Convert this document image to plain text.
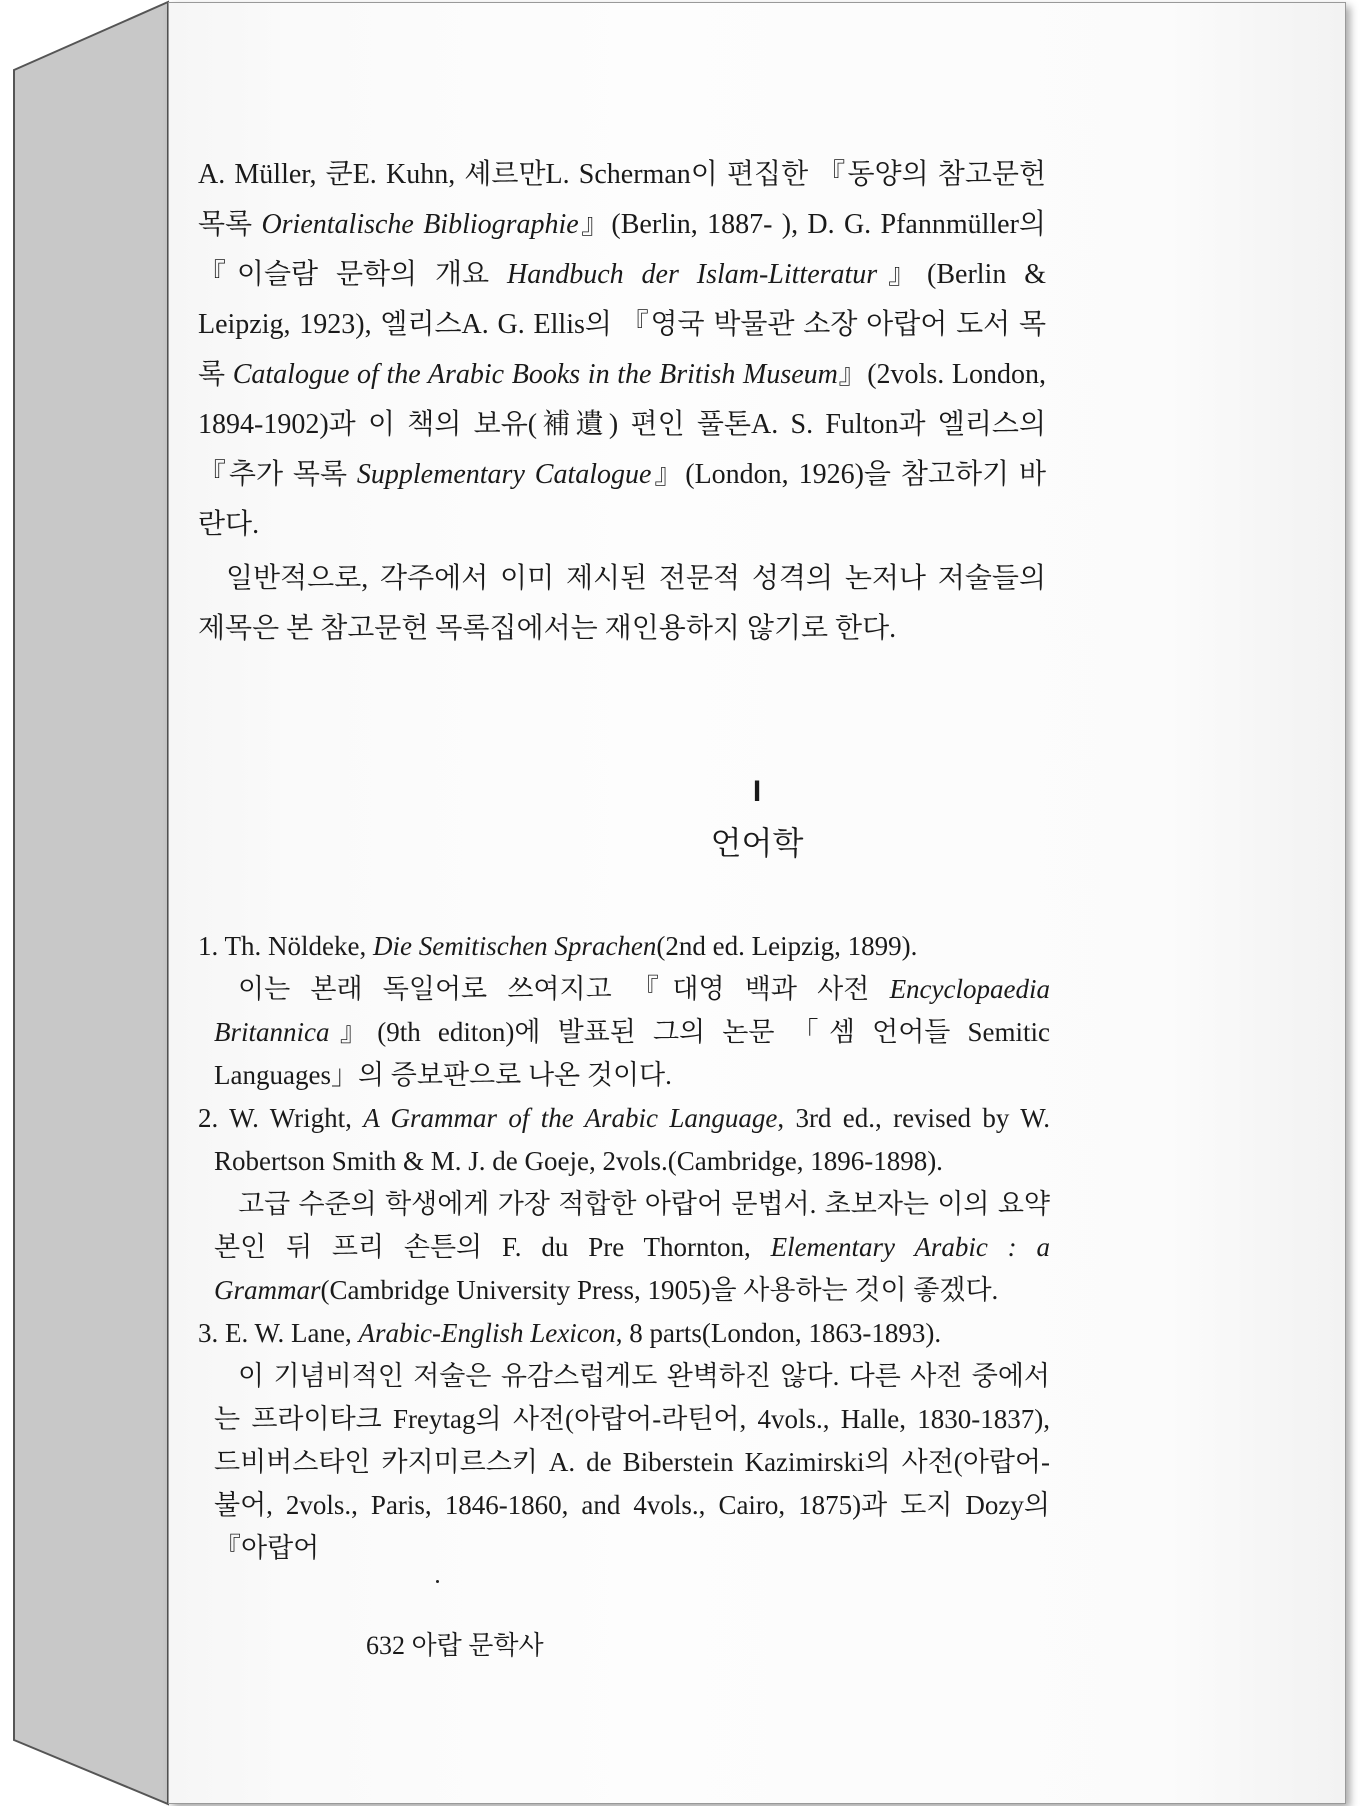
A. Müller, 쿤E. Kuhn, 셰르만L. Scherman이 편집한 『동양의 참고문헌 목록 Orientalische Bibliographie』(Berlin, 1887- ), D. G. Pfannmüller의 『이슬람 문학의 개요 Handbuch der Islam-Litteratur』(Berlin & Leipzig, 1923), 엘리스A. G. Ellis의 『영국 박물관 소장 아랍어 도서 목록 Catalogue of the Arabic Books in the British Museum』(2vols. London, 1894-1902)과 이 책의 보유(補遺) 편인 풀톤A. S. Fulton과 엘리스의 『추가 목록 Supplementary Catalogue』(London, 1926)을 참고하기 바란다.

일반적으로, 각주에서 이미 제시된 전문적 성격의 논저나 저술들의 제목은 본 참고문헌 목록집에서는 재인용하지 않기로 한다.

I
언어학

1. Th. Nöldeke, Die Semitischen Sprachen(2nd ed. Leipzig, 1899).

이는 본래 독일어로 쓰여지고 『대영 백과 사전 Encyclopaedia Britannica』(9th editon)에 발표된 그의 논문 「셈 언어들 Semitic Languages」의 증보판으로 나온 것이다.

2. W. Wright, A Grammar of the Arabic Language, 3rd ed., revised by W. Robertson Smith & M. J. de Goeje, 2vols.(Cambridge, 1896-1898).

고급 수준의 학생에게 가장 적합한 아랍어 문법서. 초보자는 이의 요약본인 뒤 프리 손튼의 F. du Pre Thornton, Elementary Arabic : a Grammar(Cambridge University Press, 1905)을 사용하는 것이 좋겠다.

3. E. W. Lane, Arabic-English Lexicon, 8 parts(London, 1863-1893).

이 기념비적인 저술은 유감스럽게도 완벽하진 않다. 다른 사전 중에서는 프라이타크 Freytag의 사전(아랍어-라틴어, 4vols., Halle, 1830-1837), 드비버스타인 카지미르스키 A. de Biberstein Kazimirski의 사전(아랍어-불어, 2vols., Paris, 1846-1860, and 4vols., Cairo, 1875)과 도지 Dozy의 『아랍어

632 아랍 문학사
